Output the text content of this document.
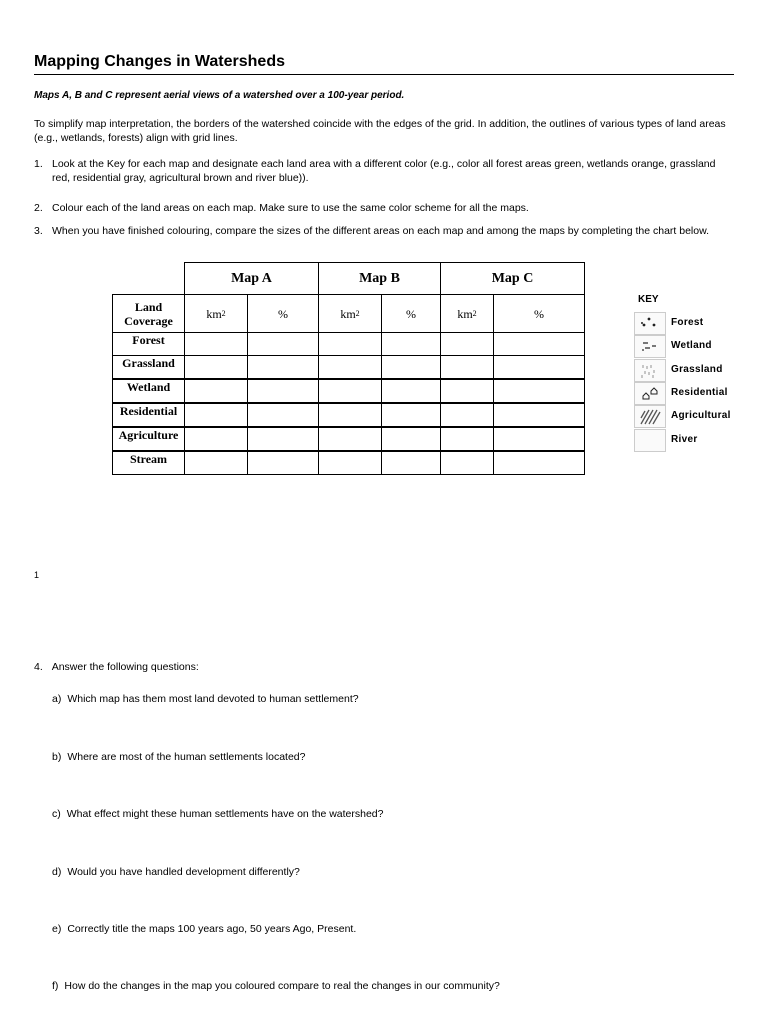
Mapping Changes in Watersheds
Maps A, B and C represent aerial views of a watershed over a 100-year period.
To simplify map interpretation, the borders of the watershed coincide with the edges of the grid. In addition, the outlines of various types of land areas (e.g., wetlands, forests) align with grid lines.
1. Look at the Key for each map and designate each land area with a different color (e.g., color all forest areas green, wetlands orange, grassland red, residential gray, agricultural brown and river blue)).
2. Colour each of the land areas on each map. Make sure to use the same color scheme for all the maps.
3. When you have finished colouring, compare the sizes of the different areas on each map and among the maps by completing the chart below.
Map A	Map B	Map C
Land Coverage	km 2	%	km 2	%	km 2	%
Forest
Grassland
Wetland
Residential
Agriculture
Stream
KEY
Forest
Wetland
Grassland
Residential
Agricultural
River
1
4. Answer the following questions:
a) Which map has them most land devoted to human settlement?
b) Where are most of the human settlements located?
c) What effect might these human settlements have on the watershed?
d) Would you have handled development differently?
e) Correctly title the maps 100 years ago, 50 years Ago, Present.
f) How do the changes in the map you coloured compare to real the changes in our community?
